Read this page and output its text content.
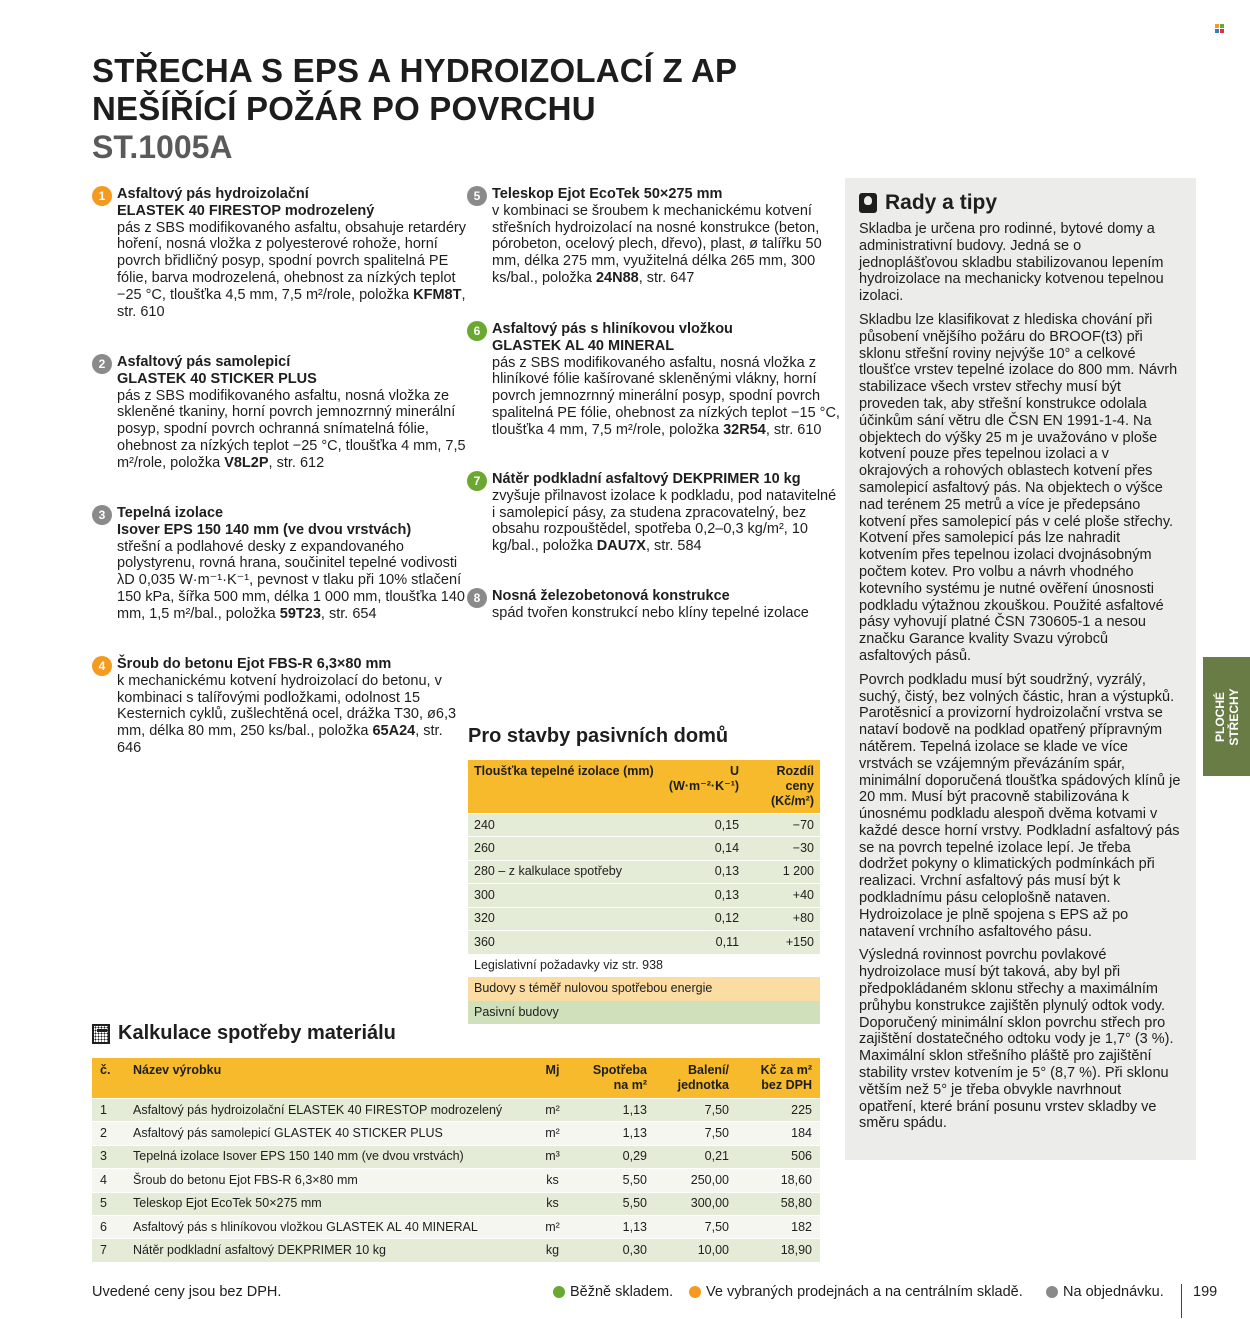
STŘECHA S EPS A HYDROIZOLACÍ Z AP
NEŠÍŘÍCÍ POŽÁR PO POVRCHU
ST.1005A
1 Asfaltový pás hydroizolační
ELASTEK 40 FIRESTOP modrozelený
pás z SBS modifikovaného asfaltu, obsahuje retardéry hoření, nosná vložka z polyesterové rohože, horní povrch břidličný posyp, spodní povrch spalitelná PE fólie, barva modrozelená, ohebnost za nízkých teplot −25 °C, tloušťka 4,5 mm, 7,5 m²/role, položka KFM8T, str. 610
2 Asfaltový pás samolepicí
GLASTEK 40 STICKER PLUS
pás z SBS modifikovaného asfaltu, nosná vložka ze skleněné tkaniny, horní povrch jemnozrnný minerální posyp, spodní povrch ochranná snímatelná fólie, ohebnost za nízkých teplot −25 °C, tloušťka 4 mm, 7,5 m²/role, položka V8L2P, str. 612
3 Tepelná izolace
Isover EPS 150 140 mm (ve dvou vrstvách)
střešní a podlahové desky z expandovaného polystyrenu, rovná hrana, součinitel tepelné vodivosti λD 0,035 W·m⁻¹·K⁻¹, pevnost v tlaku při 10% stlačení 150 kPa, šířka 500 mm, délka 1 000 mm, tloušťka 140 mm, 1,5 m²/bal., položka 59T23, str. 654
4 Šroub do betonu Ejot FBS-R 6,3×80 mm
k mechanickému kotvení hydroizolací do betonu, v kombinaci s talířovými podložkami, odolnost 15 Kesternich cyklů, zušlechtěná ocel, drážka T30, ø6,3 mm, délka 80 mm, 250 ks/bal., položka 65A24, str. 646
5 Teleskop Ejot EcoTek 50×275 mm
v kombinaci se šroubem k mechanickému kotvení střešních hydroizolací na nosné konstrukce (beton, pórobeton, ocelový plech, dřevo), plast, ø talířku 50 mm, délka 275 mm, využitelná délka 265 mm, 300 ks/bal., položka 24N88, str. 647
6 Asfaltový pás s hliníkovou vložkou
GLASTEK AL 40 MINERAL
pás z SBS modifikovaného asfaltu, nosná vložka z hliníkové fólie kašírované skleněnými vlákny, horní povrch jemnozrnný minerální posyp, spodní povrch spalitelná PE fólie, ohebnost za nízkých teplot −15 °C, tloušťka 4 mm, 7,5 m²/role, položka 32R54, str. 610
7 Nátěr podkladní asfaltový DEKPRIMER 10 kg
zvyšuje přilnavost izolace k podkladu, pod natavitelné i samolepicí pásy, za studena zpracovatelný, bez obsahu rozpouštědel, spotřeba 0,2–0,3 kg/m², 10 kg/bal., položka DAU7X, str. 584
8 Nosná železobetonová konstrukce
spád tvořen konstrukcí nebo klíny tepelné izolace
Rady a tipy

Skladba je určena pro rodinné, bytové domy a administrativní budovy. Jedná se o jednoplášťovou skladbu stabilizovanou lepením hydroizolace na mechanicky kotvenou tepelnou izolaci.

Skladbu lze klasifikovat z hlediska chování při působení vnějšího požáru do BROOF(t3) při sklonu střešní roviny nejvýše 10° a celkové tloušťce vrstev tepelné izolace do 800 mm. Návrh stabilizace všech vrstev střechy musí být proveden tak, aby střešní konstrukce odolala účinkům sání větru dle ČSN EN 1991-1-4. Na objektech do výšky 25 m je uvažováno v ploše kotvení pouze přes tepelnou izolaci a v okrajových a rohových oblastech kotvení přes samolepicí asfaltový pás. Na objektech o výšce nad terénem 25 metrů a více je předepsáno kotvení přes samolepicí pás v celé ploše střechy. Kotvení přes samolepicí pás lze nahradit kotvením přes tepelnou izolaci dvojnásobným počtem kotev. Pro volbu a návrh vhodného kotevního systému je nutné ověření únosnosti podkladu výtažnou zkouškou. Použité asfaltové pásy vyhovují platné ČSN 730605-1 a nesou značku Garance kvality Svazu výrobců asfaltových pásů.

Povrch podkladu musí být soudržný, vyzrálý, suchý, čistý, bez volných částic, hran a výstupků. Parotěsnicí a provizorní hydroizolační vrstva se nataví bodově na podklad opatřený přípravným nátěrem. Tepelná izolace se klade ve více vrstvách se vzájemným převázáním spár, minimální doporučená tloušťka spádových klínů je 20 mm. Musí být pracovně stabilizována k únosnému podkladu alespoň dvěma kotvami v každé desce horní vrstvy. Podkladní asfaltový pás se na povrch tepelné izolace lepí. Je třeba dodržet pokyny o klimatických podmínkách při realizaci. Vrchní asfaltový pás musí být k podkladnímu pásu celoplošně nataven. Hydroizolace je plně spojena s EPS až po natavení vrchního asfaltového pásu.

Výsledná rovinnost povrchu povlakové hydroizolace musí být taková, aby byl při předpokládaném sklonu střechy a maximálním průhybu konstrukce zajištěn plynulý odtok vody. Doporučený minimální sklon povrchu střech pro zajištění dostatečného odtoku vody je 1,7° (3 %). Maximální sklon střešního pláště pro zajištění stability vrstev kotvením je 5° (8,7 %). Při sklonu větším než 5° je třeba obvykle navrhnout opatření, které brání posunu vrstev skladby ve směru spádu.

PLOCHÉ
STŘECHY
Pro stavby pasivních domů
Tloušťka tepelné izolace (mm)	U (W·m⁻²·K⁻¹)	Rozdíl ceny (Kč/m²)
240	0,15	−70
260	0,14	−30
280 – z kalkulace spotřeby	0,13	1 200
300	0,13	+40
320	0,12	+80
360	0,11	+150
Legislativní požadavky viz str. 938		
Budovy s téměř nulovou spotřebou energie		
Pasivní budovy		
Kalkulace spotřeby materiálu
č.	Název výrobku	Mj	Spotřeba na m²	Balení/ jednotka	Kč za m² bez DPH
1	Asfaltový pás hydroizolační ELASTEK 40 FIRESTOP modrozelený	m²	1,13	7,50	225
2	Asfaltový pás samolepicí GLASTEK 40 STICKER PLUS	m²	1,13	7,50	184
3	Tepelná izolace Isover EPS 150 140 mm (ve dvou vrstvách)	m³	0,29	0,21	506
4	Šroub do betonu Ejot FBS-R 6,3×80 mm	ks	5,50	250,00	18,60
5	Teleskop Ejot EcoTek 50×275 mm	ks	5,50	300,00	58,80
6	Asfaltový pás s hliníkovou vložkou GLASTEK AL 40 MINERAL	m²	1,13	7,50	182
7	Nátěr podkladní asfaltový DEKPRIMER 10 kg	kg	0,30	10,00	18,90
Uvedené ceny jsou bez DPH.	Běžně skladem. Ve vybraných prodejnách a na centrálním skladě.	Na objednávku. 199
